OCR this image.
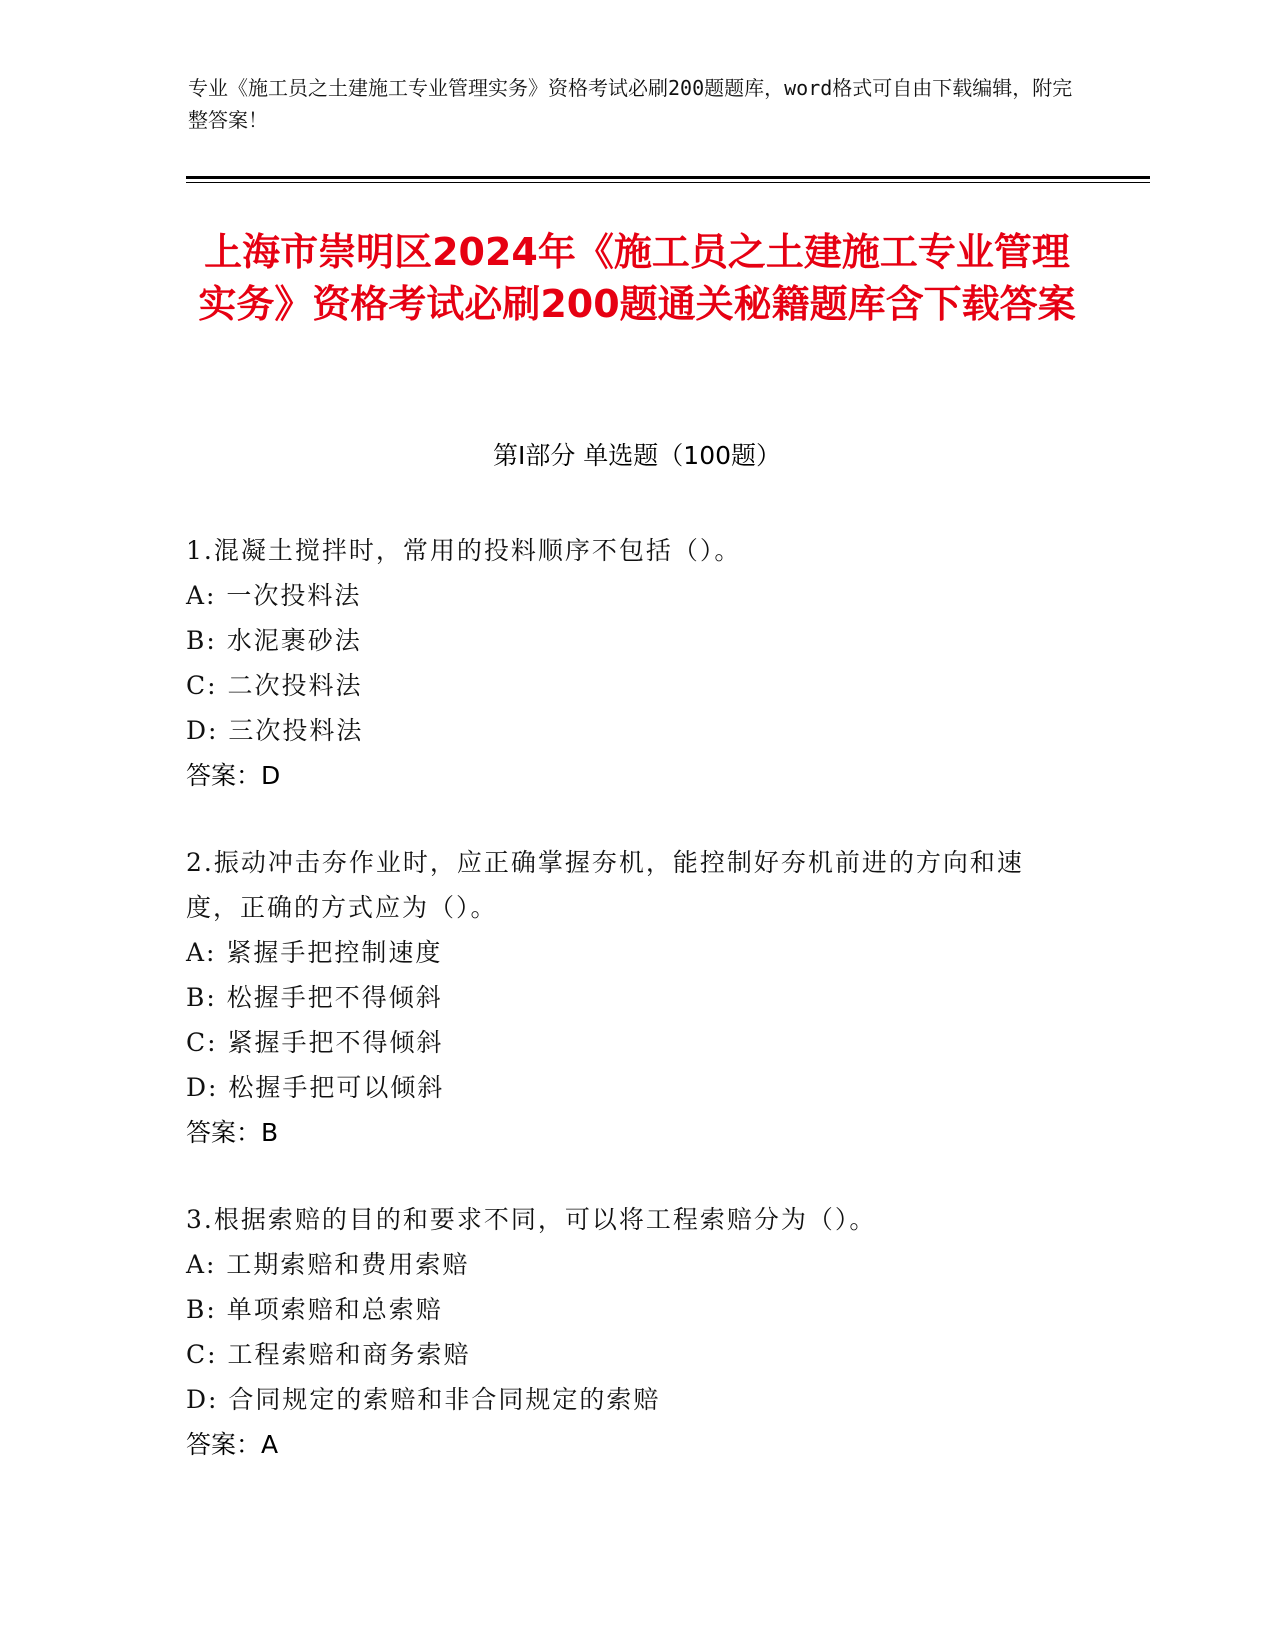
专业《施工员之土建施工专业管理实务》资格考试必刷200题题库，word格式可自由下载编辑，附完整答案！
上海市崇明区2024年《施工员之土建施工专业管理实务》资格考试必刷200题通关秘籍题库含下载答案
第I部分 单选题（100题）

1.混凝土搅拌时，常用的投料顺序不包括（）。

A: 一次投料法

B: 水泥裹砂法

C: 二次投料法

D: 三次投料法

答案：D

2.振动冲击夯作业时，应正确掌握夯机，能控制好夯机前进的方向和速度，正确的方式应为（）。

A: 紧握手把控制速度

B: 松握手把不得倾斜

C: 紧握手把不得倾斜

D: 松握手把可以倾斜

答案：B

3.根据索赔的目的和要求不同，可以将工程索赔分为（）。

A: 工期索赔和费用索赔

B: 单项索赔和总索赔

C: 工程索赔和商务索赔

D: 合同规定的索赔和非合同规定的索赔

答案：A
